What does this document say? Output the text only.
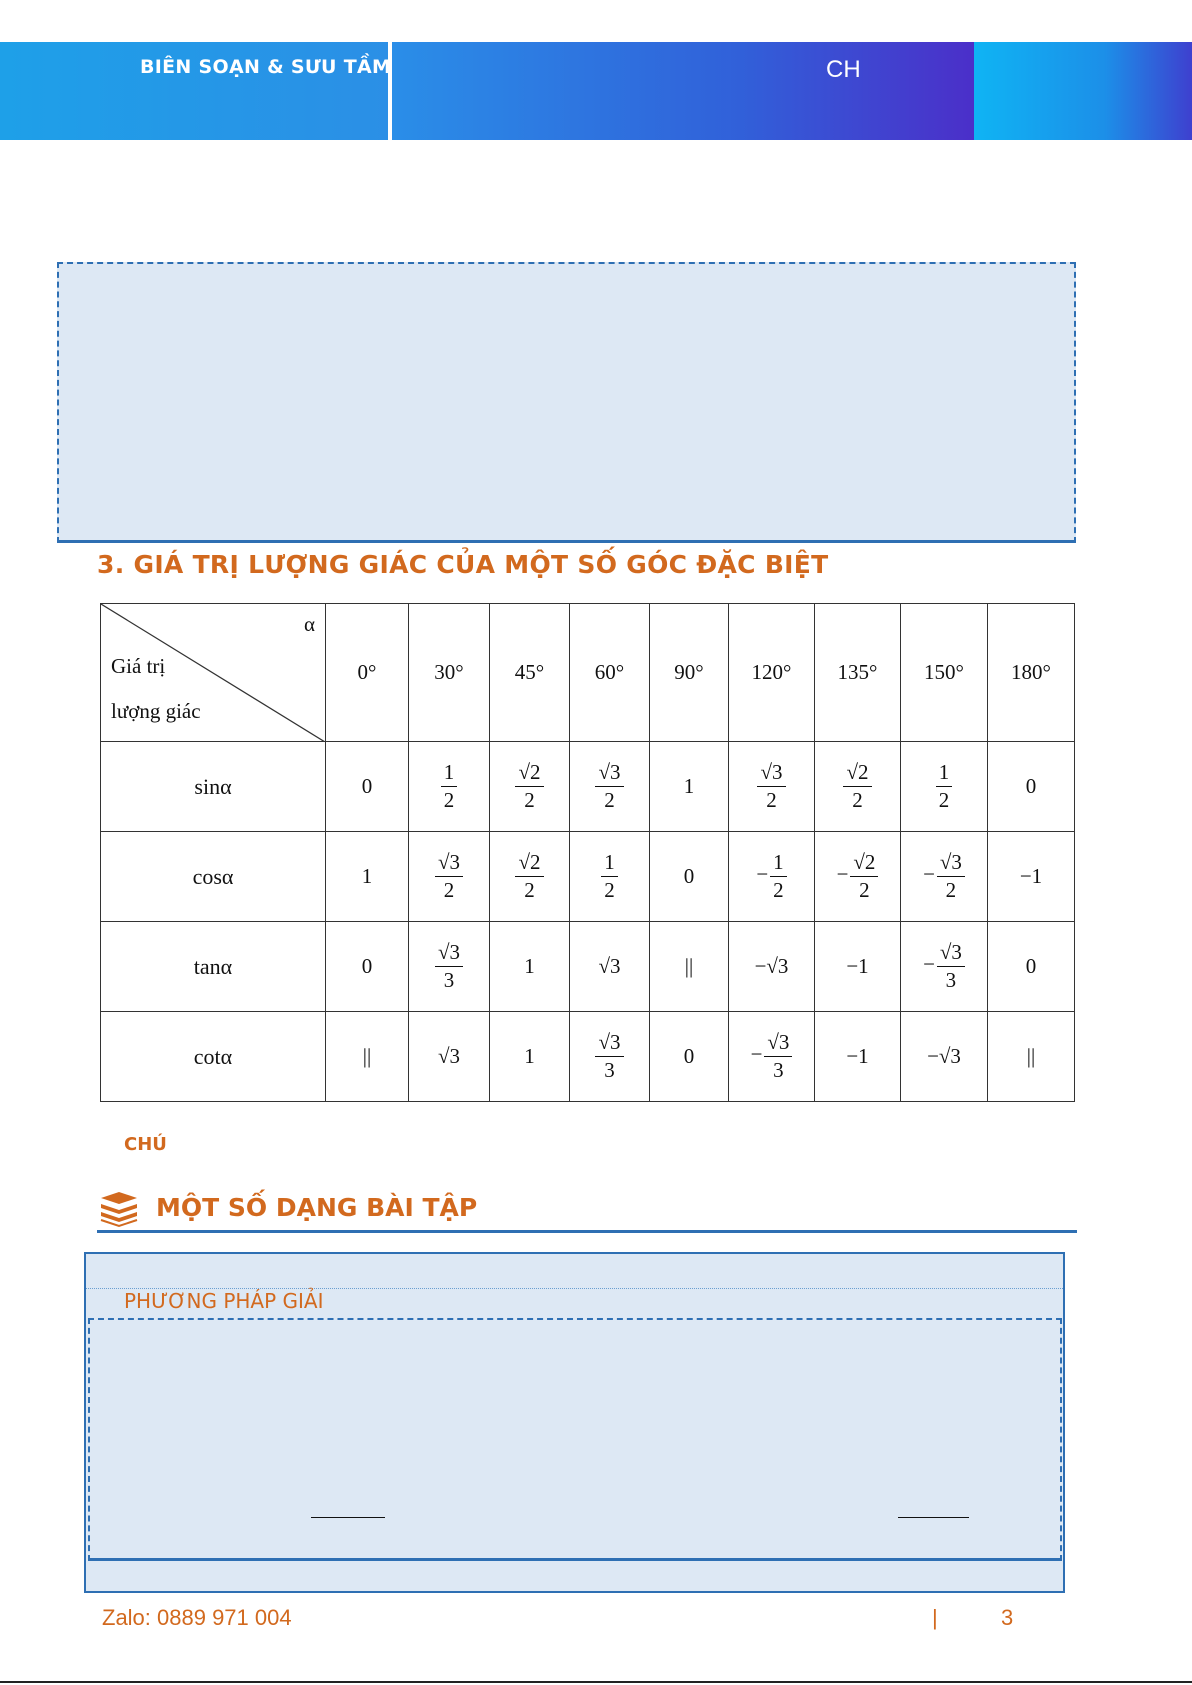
BIÊN SOẠN & SƯU TẦM	CH
3. GIÁ TRỊ LƯỢNG GIÁC CỦA MỘT SỐ GÓC ĐẶC BIỆT
α
Giá trị
lượng giác	0°	30°	45°	60°	90°	120°	135°	150°	180°
sinα	0	$\frac{1}{2}$	$\frac{√2}{2}$	$\frac{√3}{2}$	1	$\frac{√3}{2}$	$\frac{√2}{2}$	$\frac{1}{2}$	0
cosα	1	$\frac{√3}{2}$	$\frac{√2}{2}$	$\frac{1}{2}$	0	− $\frac{1}{2}$	− $\frac{√2}{2}$	− $\frac{√3}{2}$	−1
tanα	0	$\frac{√3}{3}$	1	√3	||	−√3	−1	− $\frac{√3}{3}$	0
cotα	||	√3	1	$\frac{√3}{3}$	0	− $\frac{√3}{3}$	−1	−√3	||
CHÚ
MỘT SỐ DẠNG BÀI TẬP
PHƯƠNG PHÁP GIẢI
Zalo: 0889 971 004	|	3
